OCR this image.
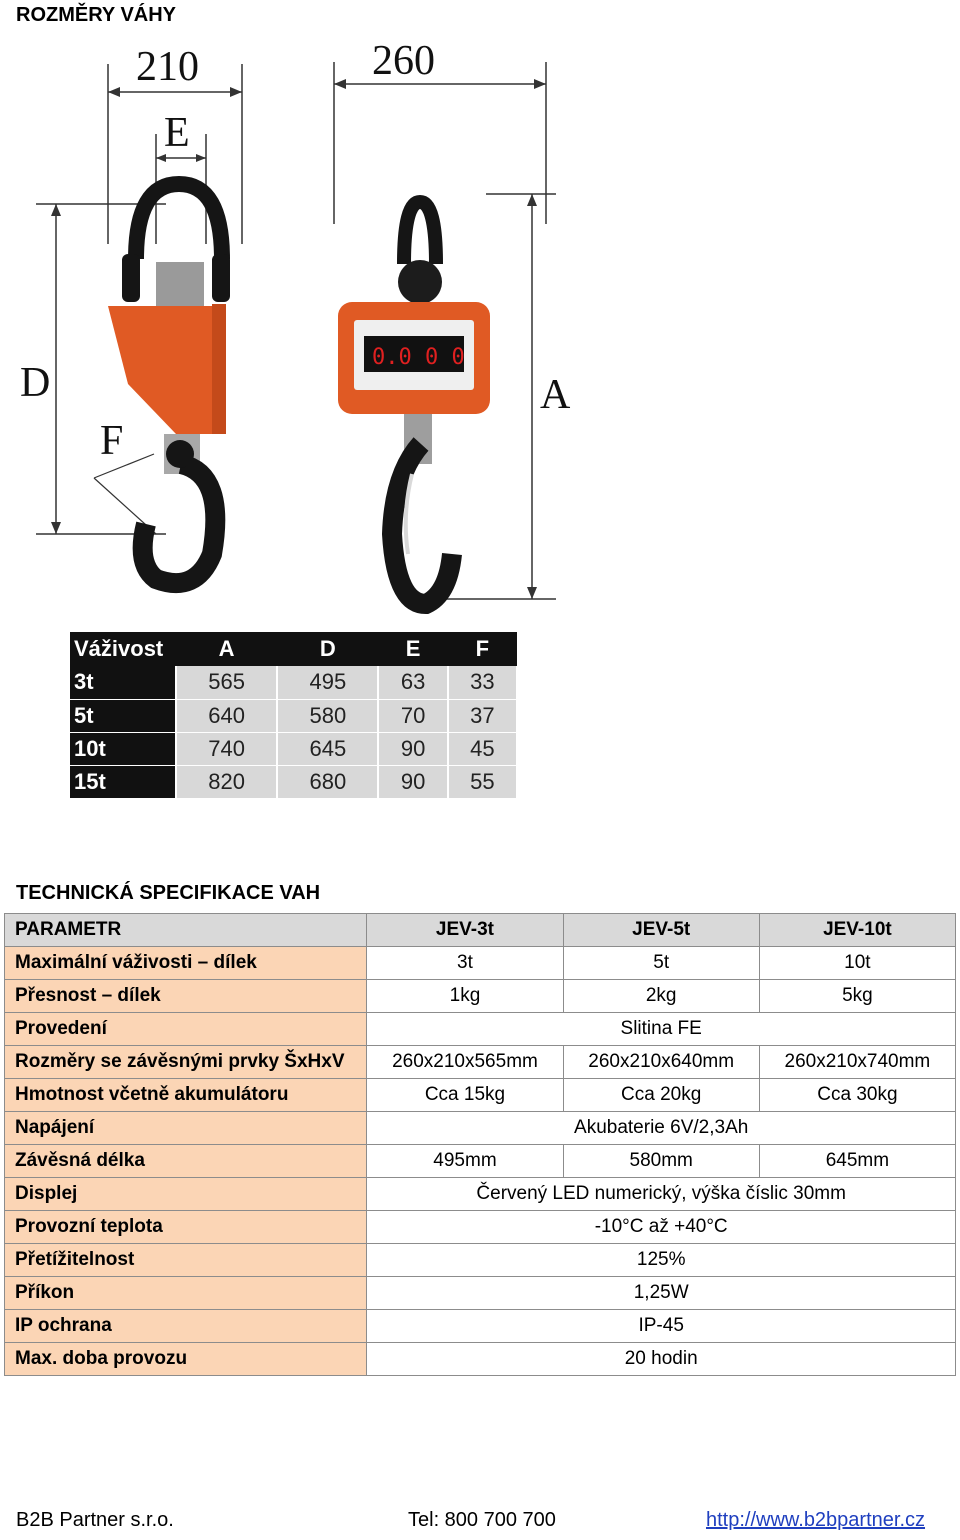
ROZMĚRY VÁHY
210
E
260
D	A
F
0.0 0 0
Váživost	A	D	E	F
3t	565	495	63	33
5t	640	580	70	37
10t	740	645	90	45
15t	820	680	90	55
TECHNICKÁ SPECIFIKACE VAH
PARAMETR	JEV-3t	JEV-5t	JEV-10t
Maximální váživosti – dílek	3t	5t	10t
Přesnost – dílek	1kg	2kg	5kg
Provedení	Slitina FE		
Rozměry se závěsnými prvky ŠxHxV	260x210x565mm	260x210x640mm	260x210x740mm
Hmotnost včetně akumulátoru	Cca 15kg	Cca 20kg	Cca 30kg
Napájení	Akubaterie 6V/2,3Ah		
Závěsná délka	495mm	580mm	645mm
Displej	Červený LED numerický, výška číslic 30mm		
Provozní teplota	-10°C až +40°C		
Přetížitelnost	125%		
Příkon	1,25W		
IP ochrana	IP-45		
Max. doba provozu	20 hodin		
B2B Partner s.r.o.	Tel: 800 700 700	http://www.b2bpartner.cz
